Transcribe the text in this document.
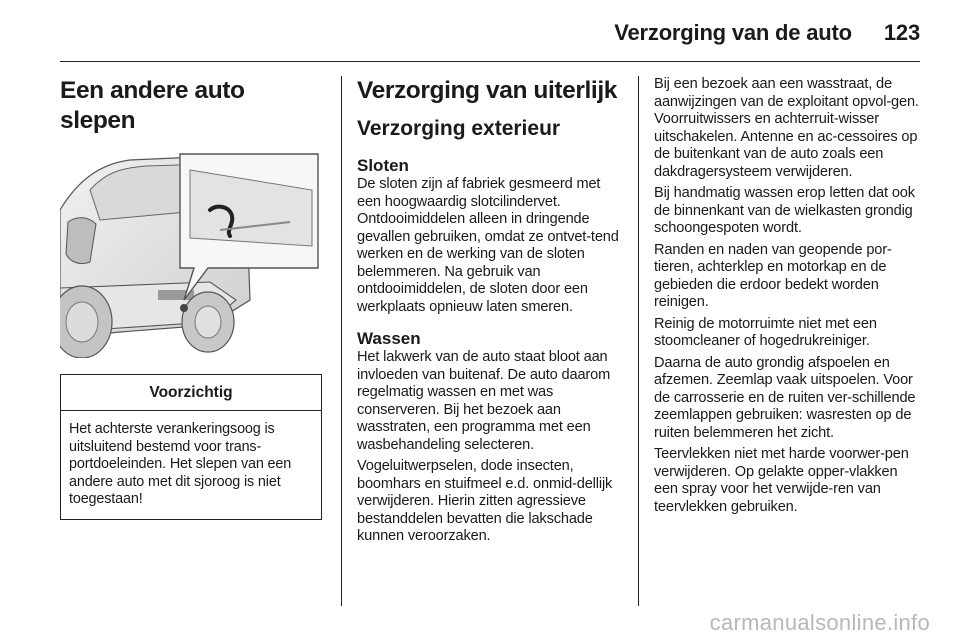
Verzorging van de auto 123
Een andere auto slepen
Voorzichtig

Het achterste verankeringsoog is uitsluitend bestemd voor trans-portdoeleinden. Het slepen van een andere auto met dit sjoroog is niet toegestaan!

Verzorging van uiterlijk
Verzorging exterieur
Sloten

De sloten zijn af fabriek gesmeerd met een hoogwaardig slotcilindervet. Ontdooimiddelen alleen in dringende gevallen gebruiken, omdat ze ontvet-tend werken en de werking van de sloten belemmeren. Na gebruik van ontdooimiddelen, de sloten door een werkplaats opnieuw laten smeren.

Wassen

Het lakwerk van de auto staat bloot aan invloeden van buitenaf. De auto daarom regelmatig wassen en met was conserveren. Bij het bezoek aan wasstraten, een programma met een wasbehandeling selecteren.

Vogeluitwerpselen, dode insecten, boomhars en stuifmeel e.d. onmid-dellijk verwijderen. Hierin zitten agressieve bestanddelen bevatten die lakschade kunnen veroorzaken.

Bij een bezoek aan een wasstraat, de aanwijzingen van de exploitant opvol-gen. Voorruitwissers en achterruit-wisser uitschakelen. Antenne en ac-cessoires op de buitenkant van de auto zoals een dakdragersysteem verwijderen.

Bij handmatig wassen erop letten dat ook de binnenkant van de wielkasten grondig schoongespoten wordt.

Randen en naden van geopende por-tieren, achterklep en motorkap en de gebieden die erdoor bedekt worden reinigen.

Reinig de motorruimte niet met een stoomcleaner of hogedrukreiniger.

Daarna de auto grondig afspoelen en afzemen. Zeemlap vaak uitspoelen. Voor de carrosserie en de ruiten ver-schillende zeemlappen gebruiken: wasresten op de ruiten belemmeren het zicht.

Teervlekken niet met harde voorwer-pen verwijderen. Op gelakte opper-vlakken een spray voor het verwijde-ren van teervlekken gebruiken.

carmanualsonline.info
